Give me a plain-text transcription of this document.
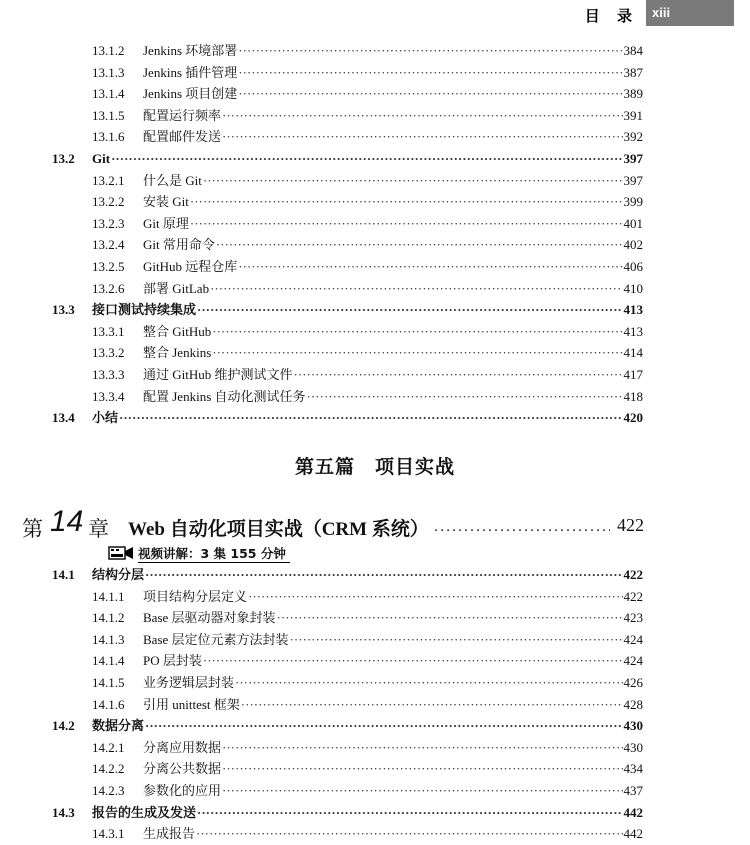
目 录	xiii
13.1.2 Jenkins 环境部署 ·····	384
13.1.3 Jenkins 插件管理 ·····	387
13.1.4 Jenkins 项目创建 ·····	389
13.1.5 配置运行频率 ·····	391
13.1.6 配置邮件发送 ·····	392
13.2 Git ·····	397
13.2.1 什么是 Git ·····	397
13.2.2 安装 Git ·····	399
13.2.3 Git 原理 ·····	401
13.2.4 Git 常用命令 ·····	402
13.2.5 GitHub 远程仓库 ·····	406
13.2.6 部署 GitLab ·····	410
13.3 接口测试持续集成 ·····	413
13.3.1 整合 GitHub ·····	413
13.3.2 整合 Jenkins ·····	414
13.3.3 通过 GitHub 维护测试文件 ·····	417
13.3.4 配置 Jenkins 自动化测试任务 ·····	418
13.4 小结 ·····	420
第五篇 项目实战
第 14 章 Web 自动化项目实战（CRM 系统） ·····	422
视频讲解：3 集 155 分钟
14.1 结构分层 ·····	422
14.1.1 项目结构分层定义 ·····	422
14.1.2 Base 层驱动器对象封装 ·····	423
14.1.3 Base 层定位元素方法封装 ·····	424
14.1.4 PO 层封装 ·····	424
14.1.5 业务逻辑层封装 ·····	426
14.1.6 引用 unittest 框架 ·····	428
14.2 数据分离 ·····	430
14.2.1 分离应用数据 ·····	430
14.2.2 分离公共数据 ·····	434
14.2.3 参数化的应用 ·····	437
14.3 报告的生成及发送 ·····	442
14.3.1 生成报告 ·····	442
